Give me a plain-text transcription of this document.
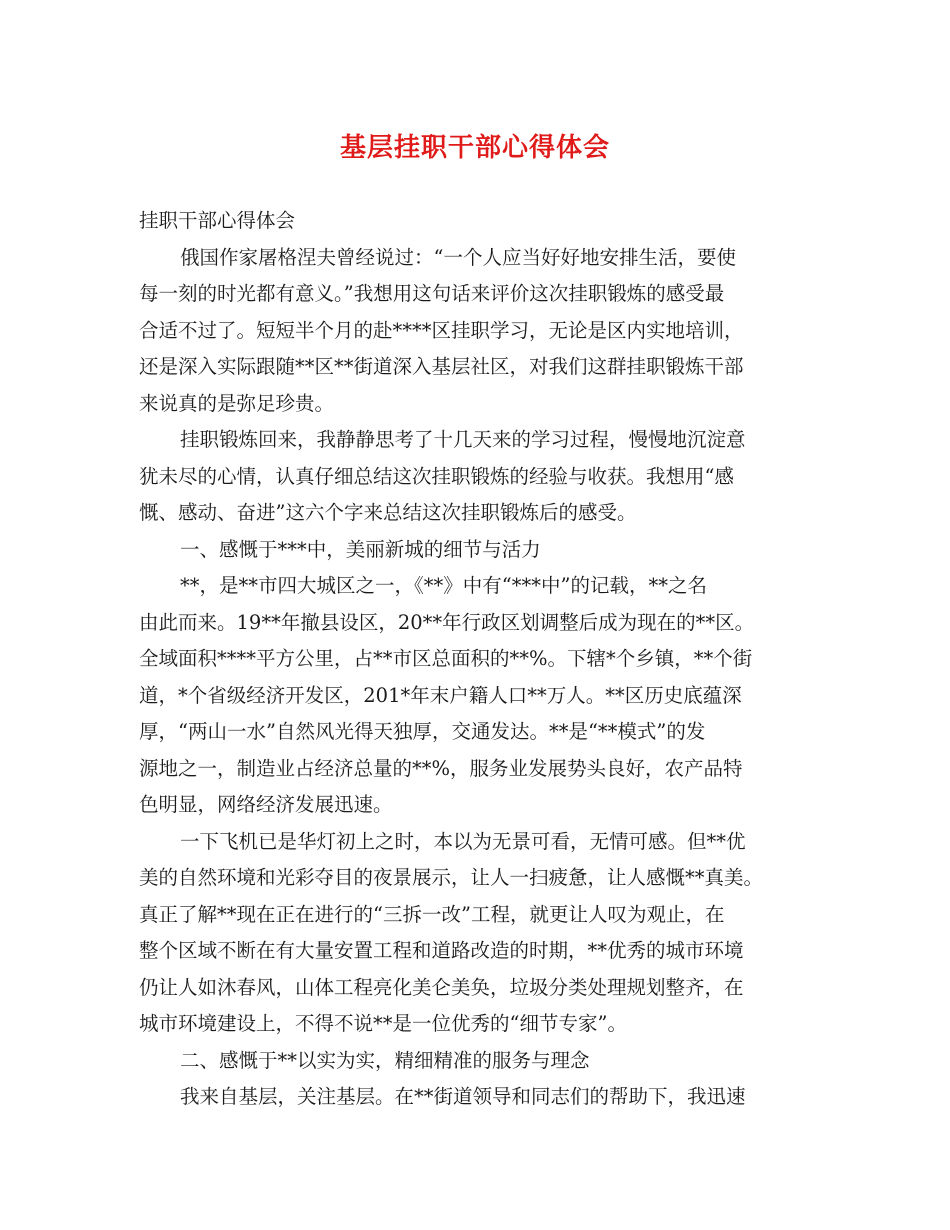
基层挂职干部心得体会
挂职干部心得体会
俄国作家屠格涅夫曾经说过：“一个人应当好好地安排生活，要使
每一刻的时光都有意义。”我想用这句话来评价这次挂职锻炼的感受最
合适不过了。短短半个月的赴****区挂职学习，无论是区内实地培训，
还是深入实际跟随**区**街道深入基层社区，对我们这群挂职锻炼干部
来说真的是弥足珍贵。
挂职锻炼回来，我静静思考了十几天来的学习过程，慢慢地沉淀意
犹未尽的心情，认真仔细总结这次挂职锻炼的经验与收获。我想用“感
慨、感动、奋进”这六个字来总结这次挂职锻炼后的感受。
一、感慨于***中，美丽新城的细节与活力
**，是**市四大城区之一，《**》中有“***中”的记载，**之名
由此而来。19**年撤县设区，20**年行政区划调整后成为现在的**区。
全域面积****平方公里，占**市区总面积的**%。下辖*个乡镇，**个街
道，*个省级经济开发区，201*年末户籍人口**万人。**区历史底蕴深
厚，“两山一水”自然风光得天独厚，交通发达。**是“**模式”的发
源地之一，制造业占经济总量的**%，服务业发展势头良好，农产品特
色明显，网络经济发展迅速。
一下飞机已是华灯初上之时，本以为无景可看，无情可感。但**优
美的自然环境和光彩夺目的夜景展示，让人一扫疲惫，让人感慨**真美。
真正了解**现在正在进行的“三拆一改”工程，就更让人叹为观止，在
整个区域不断在有大量安置工程和道路改造的时期，**优秀的城市环境
仍让人如沐春风，山体工程亮化美仑美奂，垃圾分类处理规划整齐，在
城市环境建设上，不得不说**是一位优秀的“细节专家”。
二、感慨于**以实为实，精细精准的服务与理念
我来自基层，关注基层。在**街道领导和同志们的帮助下，我迅速
